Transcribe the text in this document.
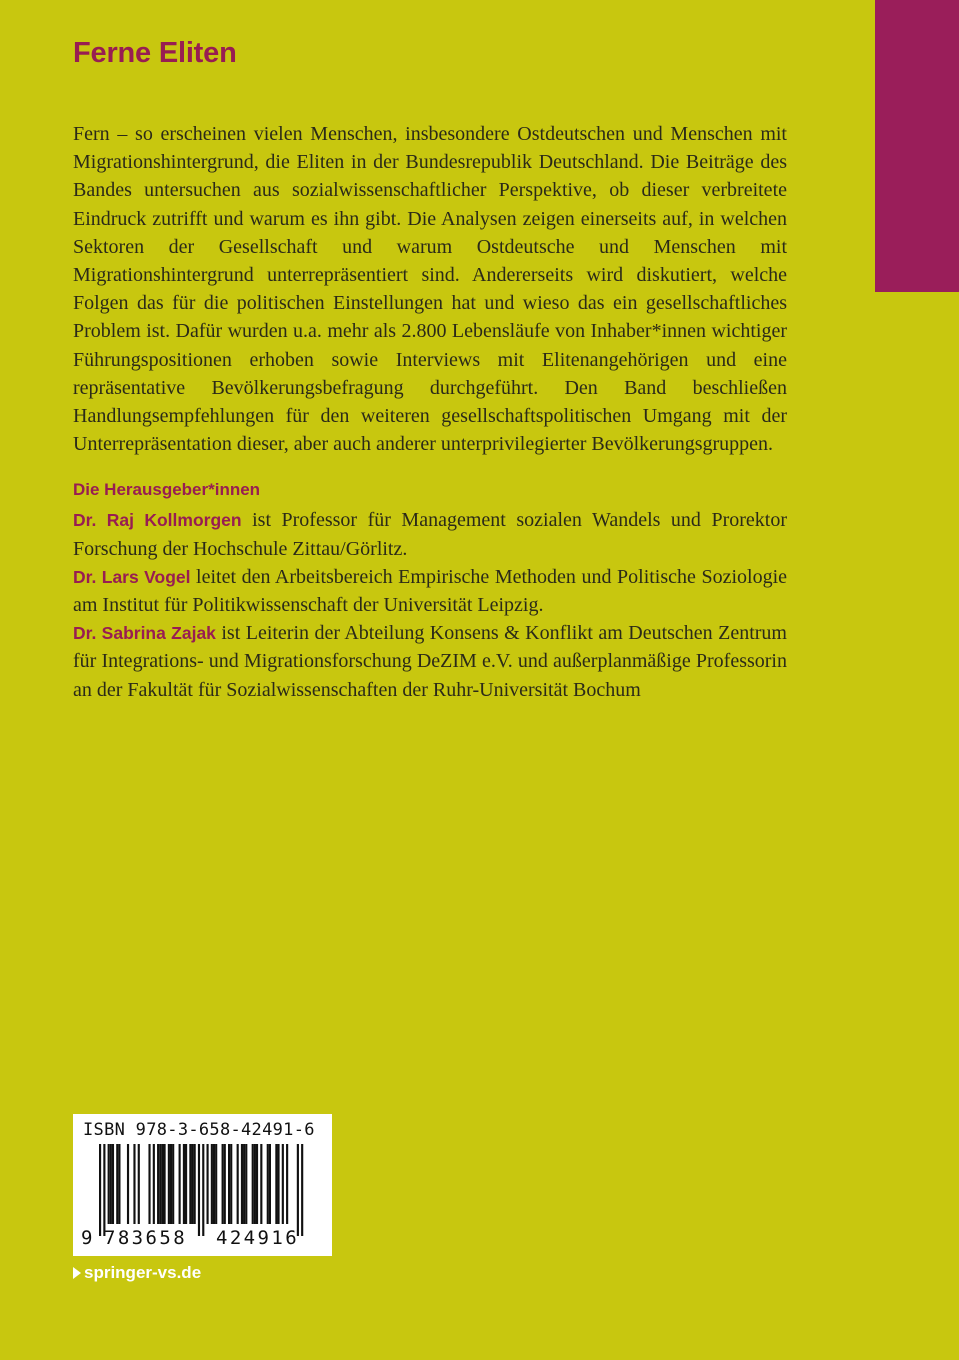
Ferne Eliten

Fern – so erscheinen vielen Menschen, insbesondere Ostdeutschen und Menschen mit Migrationshintergrund, die Eliten in der Bundesrepublik Deutschland. Die Beiträge des Bandes untersuchen aus sozialwissenschaftlicher Perspektive, ob dieser verbreitete Eindruck zutrifft und warum es ihn gibt. Die Analysen zeigen einerseits auf, in welchen Sektoren der Gesellschaft und warum Ostdeutsche und Menschen mit Migrationshintergrund unterrepräsentiert sind. Andererseits wird diskutiert, welche Folgen das für die politischen Einstellungen hat und wieso das ein gesellschaftliches Problem ist. Dafür wurden u.a. mehr als 2.800 Lebensläufe von Inhaber*innen wichtiger Führungspositionen erhoben sowie Interviews mit Elitenangehörigen und eine repräsentative Bevölkerungsbefragung durchgeführt. Den Band beschließen Handlungsempfehlungen für den weiteren gesellschaftspolitischen Umgang mit der Unterrepräsentation dieser, aber auch anderer unterprivilegierter Bevölkerungsgruppen.

Die Herausgeber*innen

Dr. Raj Kollmorgen ist Professor für Management sozialen Wandels und Prorektor Forschung der Hochschule Zittau/Görlitz.

Dr. Lars Vogel leitet den Arbeitsbereich Empirische Methoden und Politische Soziologie am Institut für Politikwissenschaft der Universität Leipzig.

Dr. Sabrina Zajak ist Leiterin der Abteilung Konsens & Konflikt am Deutschen Zentrum für Integrations- und Migrationsforschung DeZIM e.V. und außerplanmäßige Professorin an der Fakultät für Sozialwissenschaften der Ruhr-Universität Bochum

ISBN 978-3-658-42491-6
9 783658 424916
springer-vs.de
